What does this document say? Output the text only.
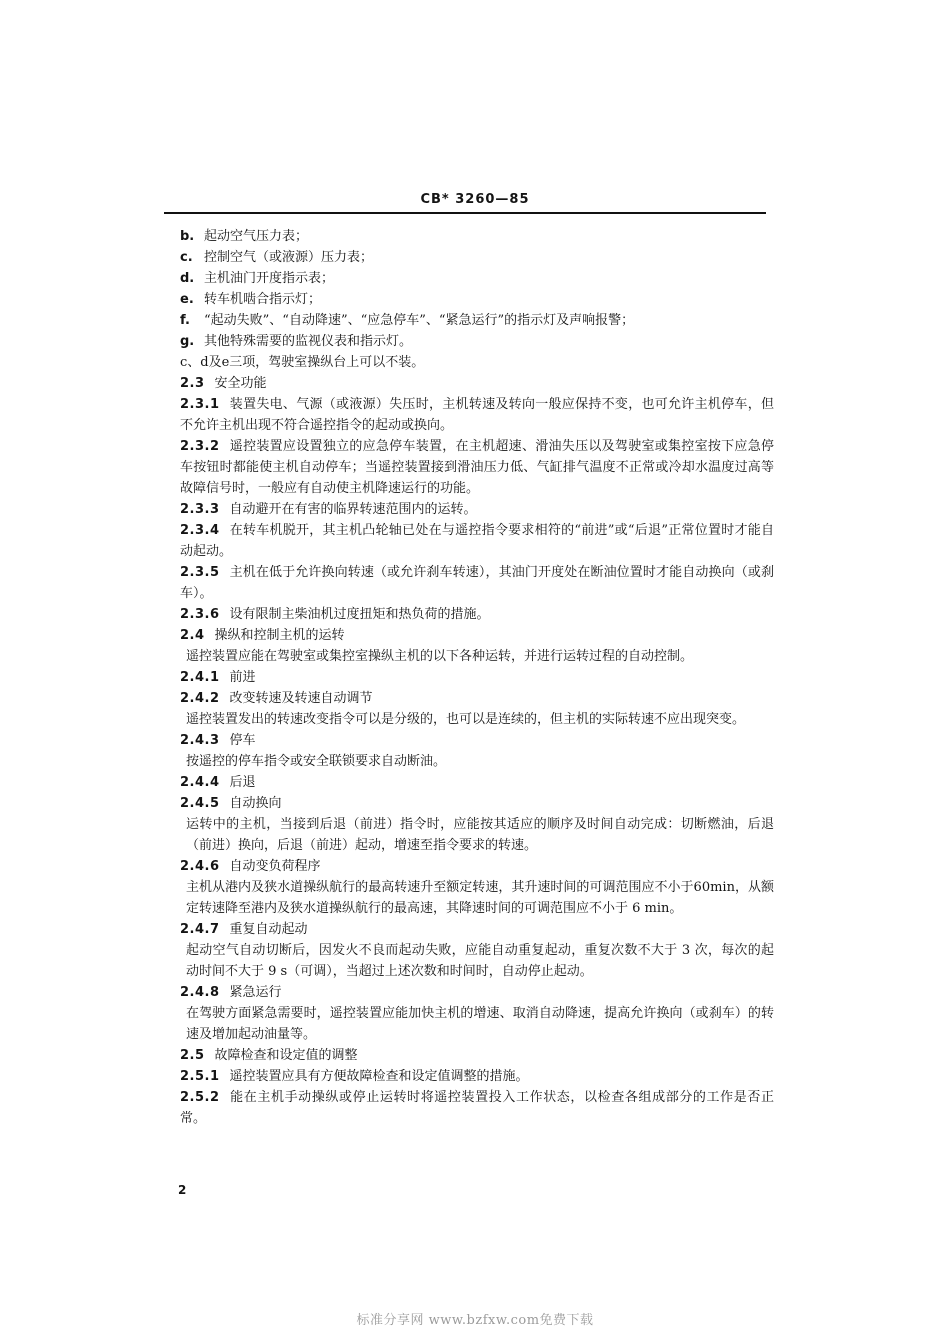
CB* 3260—85

b. 起动空气压力表；

c. 控制空气（或液源）压力表；

d. 主机油门开度指示表；

e. 转车机啮合指示灯；

f. “起动失败”、“自动降速”、“应急停车”、“紧急运行”的指示灯及声响报警；

g. 其他特殊需要的监视仪表和指示灯。

c、d及e三项，驾驶室操纵台上可以不装。

2.3 安全功能

2.3.1 装置失电、气源（或液源）失压时，主机转速及转向一般应保持不变，也可允许主机停车，但不允许主机出现不符合遥控指令的起动或换向。

2.3.2 遥控装置应设置独立的应急停车装置，在主机超速、滑油失压以及驾驶室或集控室按下应急停车按钮时都能使主机自动停车；当遥控装置接到滑油压力低、气缸排气温度不正常或冷却水温度过高等故障信号时，一般应有自动使主机降速运行的功能。

2.3.3 自动避开在有害的临界转速范围内的运转。

2.3.4 在转车机脱开，其主机凸轮轴已处在与遥控指令要求相符的“前进”或“后退”正常位置时才能自动起动。

2.3.5 主机在低于允许换向转速（或允许刹车转速），其油门开度处在断油位置时才能自动换向（或刹车）。

2.3.6 设有限制主柴油机过度扭矩和热负荷的措施。

2.4 操纵和控制主机的运转

遥控装置应能在驾驶室或集控室操纵主机的以下各种运转，并进行运转过程的自动控制。

2.4.1 前进

2.4.2 改变转速及转速自动调节

遥控装置发出的转速改变指令可以是分级的，也可以是连续的，但主机的实际转速不应出现突变。

2.4.3 停车

按遥控的停车指令或安全联锁要求自动断油。

2.4.4 后退

2.4.5 自动换向

运转中的主机，当接到后退（前进）指令时，应能按其适应的顺序及时间自动完成：切断燃油，后退（前进）换向，后退（前进）起动，增速至指令要求的转速。

2.4.6 自动变负荷程序

主机从港内及狭水道操纵航行的最高转速升至额定转速，其升速时间的可调范围应不小于60min，从额定转速降至港内及狭水道操纵航行的最高速，其降速时间的可调范围应不小于 6 min。

2.4.7 重复自动起动

起动空气自动切断后，因发火不良而起动失败，应能自动重复起动，重复次数不大于 3 次，每次的起动时间不大于 9 s（可调），当超过上述次数和时间时，自动停止起动。

2.4.8 紧急运行

在驾驶方面紧急需要时，遥控装置应能加快主机的增速、取消自动降速，提高允许换向（或刹车）的转速及增加起动油量等。

2.5 故障检查和设定值的调整

2.5.1 遥控装置应具有方便故障检查和设定值调整的措施。

2.5.2 能在主机手动操纵或停止运转时将遥控装置投入工作状态，以检查各组成部分的工作是否正常。

2
标准分享网 www.bzfxw.com免费下载
